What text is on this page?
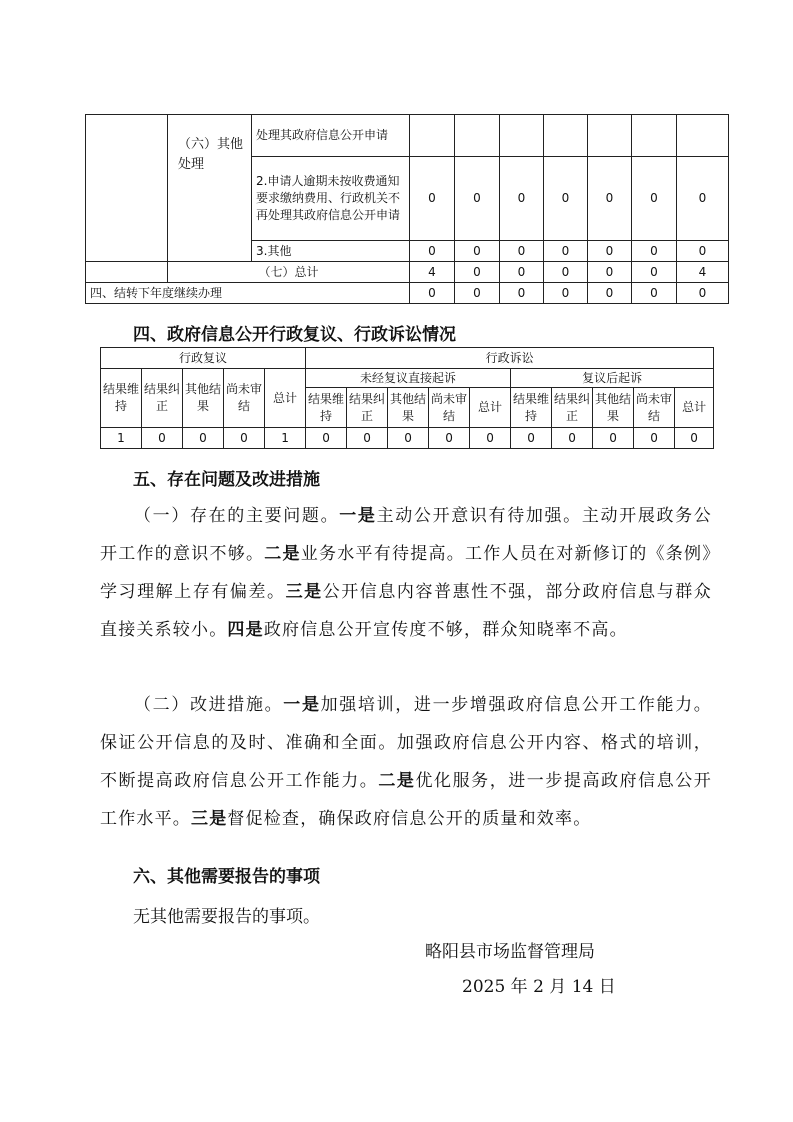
	（六）其他处理	处理其政府信息公开申请							
		2.申请人逾期未按收费通知要求缴纳费用、行政机关不再处理其政府信息公开申请	0	0	0	0	0	0	0
		3.其他	0	0	0	0	0	0	0
	（七）总计		4	0	0	0	0	0	4
四、结转下年度继续办理			0	0	0	0	0	0	0
四、政府信息公开行政复议、行政诉讼情况
行政复议					行政诉讼									
结果维持	结果纠正	其他结果	尚未审结	总计	未经复议直接起诉					复议后起诉				
					结果维持	结果纠正	其他结果	尚未审结	总计	结果维持	结果纠正	其他结果	尚未审结	总计
1	0	0	0	1	0	0	0	0	0	0	0	0	0	0
五、存在问题及改进措施
（一）存在的主要问题。一是主动公开意识有待加强。主动开展政务公开工作的意识不够。二是业务水平有待提高。工作人员在对新修订的《条例》学习理解上存有偏差。三是公开信息内容普惠性不强，部分政府信息与群众直接关系较小。四是政府信息公开宣传度不够，群众知晓率不高。
（二）改进措施。一是加强培训，进一步增强政府信息公开工作能力。保证公开信息的及时、准确和全面。加强政府信息公开内容、格式的培训，不断提高政府信息公开工作能力。二是优化服务，进一步提高政府信息公开工作水平。三是督促检查，确保政府信息公开的质量和效率。
六、其他需要报告的事项
无其他需要报告的事项。
略阳县市场监督管理局
2025 年 2 月 14 日
